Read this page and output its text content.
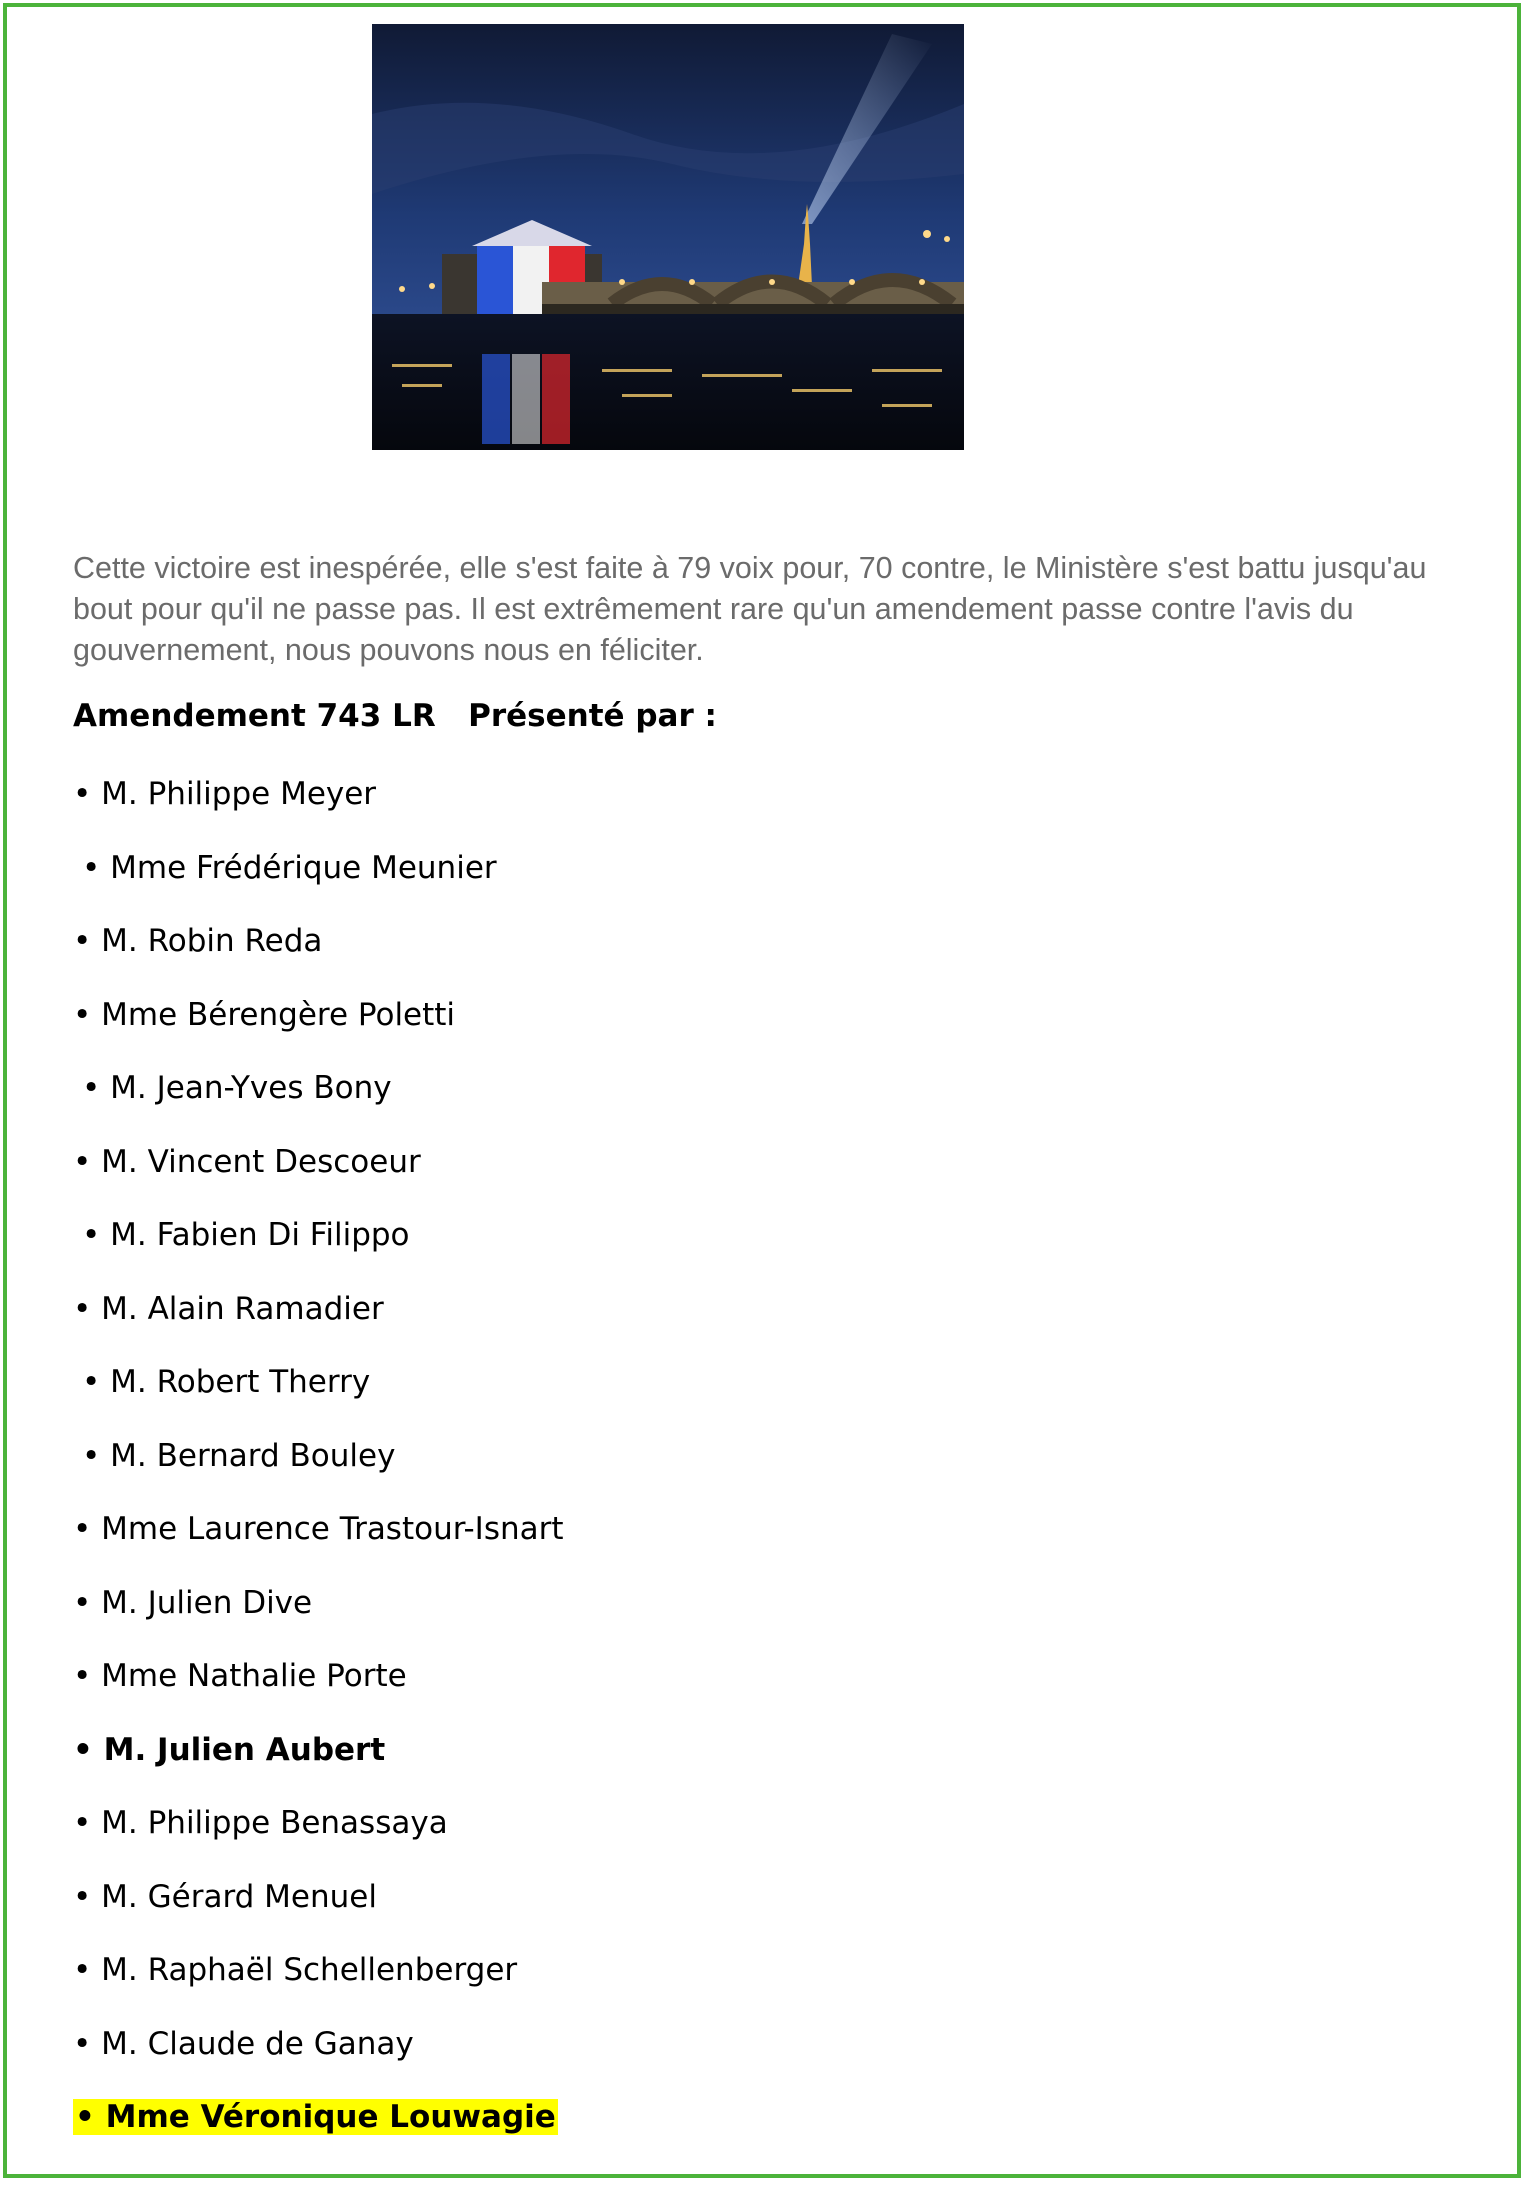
Cette victoire est inespérée, elle s'est faite à 79 voix pour, 70 contre, le Ministère s'est battu jusqu'au bout pour qu'il ne passe pas. Il est extrêmement rare qu'un amendement passe contre l'avis du gouvernement, nous pouvons nous en féliciter.

Amendement 743 LR   Présenté par :

• M. Philippe Meyer
• Mme Frédérique Meunier
• M. Robin Reda
• Mme Bérengère Poletti
• M. Jean-Yves Bony
• M. Vincent Descoeur
• M. Fabien Di Filippo
• M. Alain Ramadier
• M. Robert Therry
• M. Bernard Bouley
• Mme Laurence Trastour-Isnart
• M. Julien Dive
• Mme Nathalie Porte
• M. Julien Aubert
• M. Philippe Benassaya
• M. Gérard Menuel
• M. Raphaël Schellenberger
• M. Claude de Ganay
• Mme Véronique Louwagie
